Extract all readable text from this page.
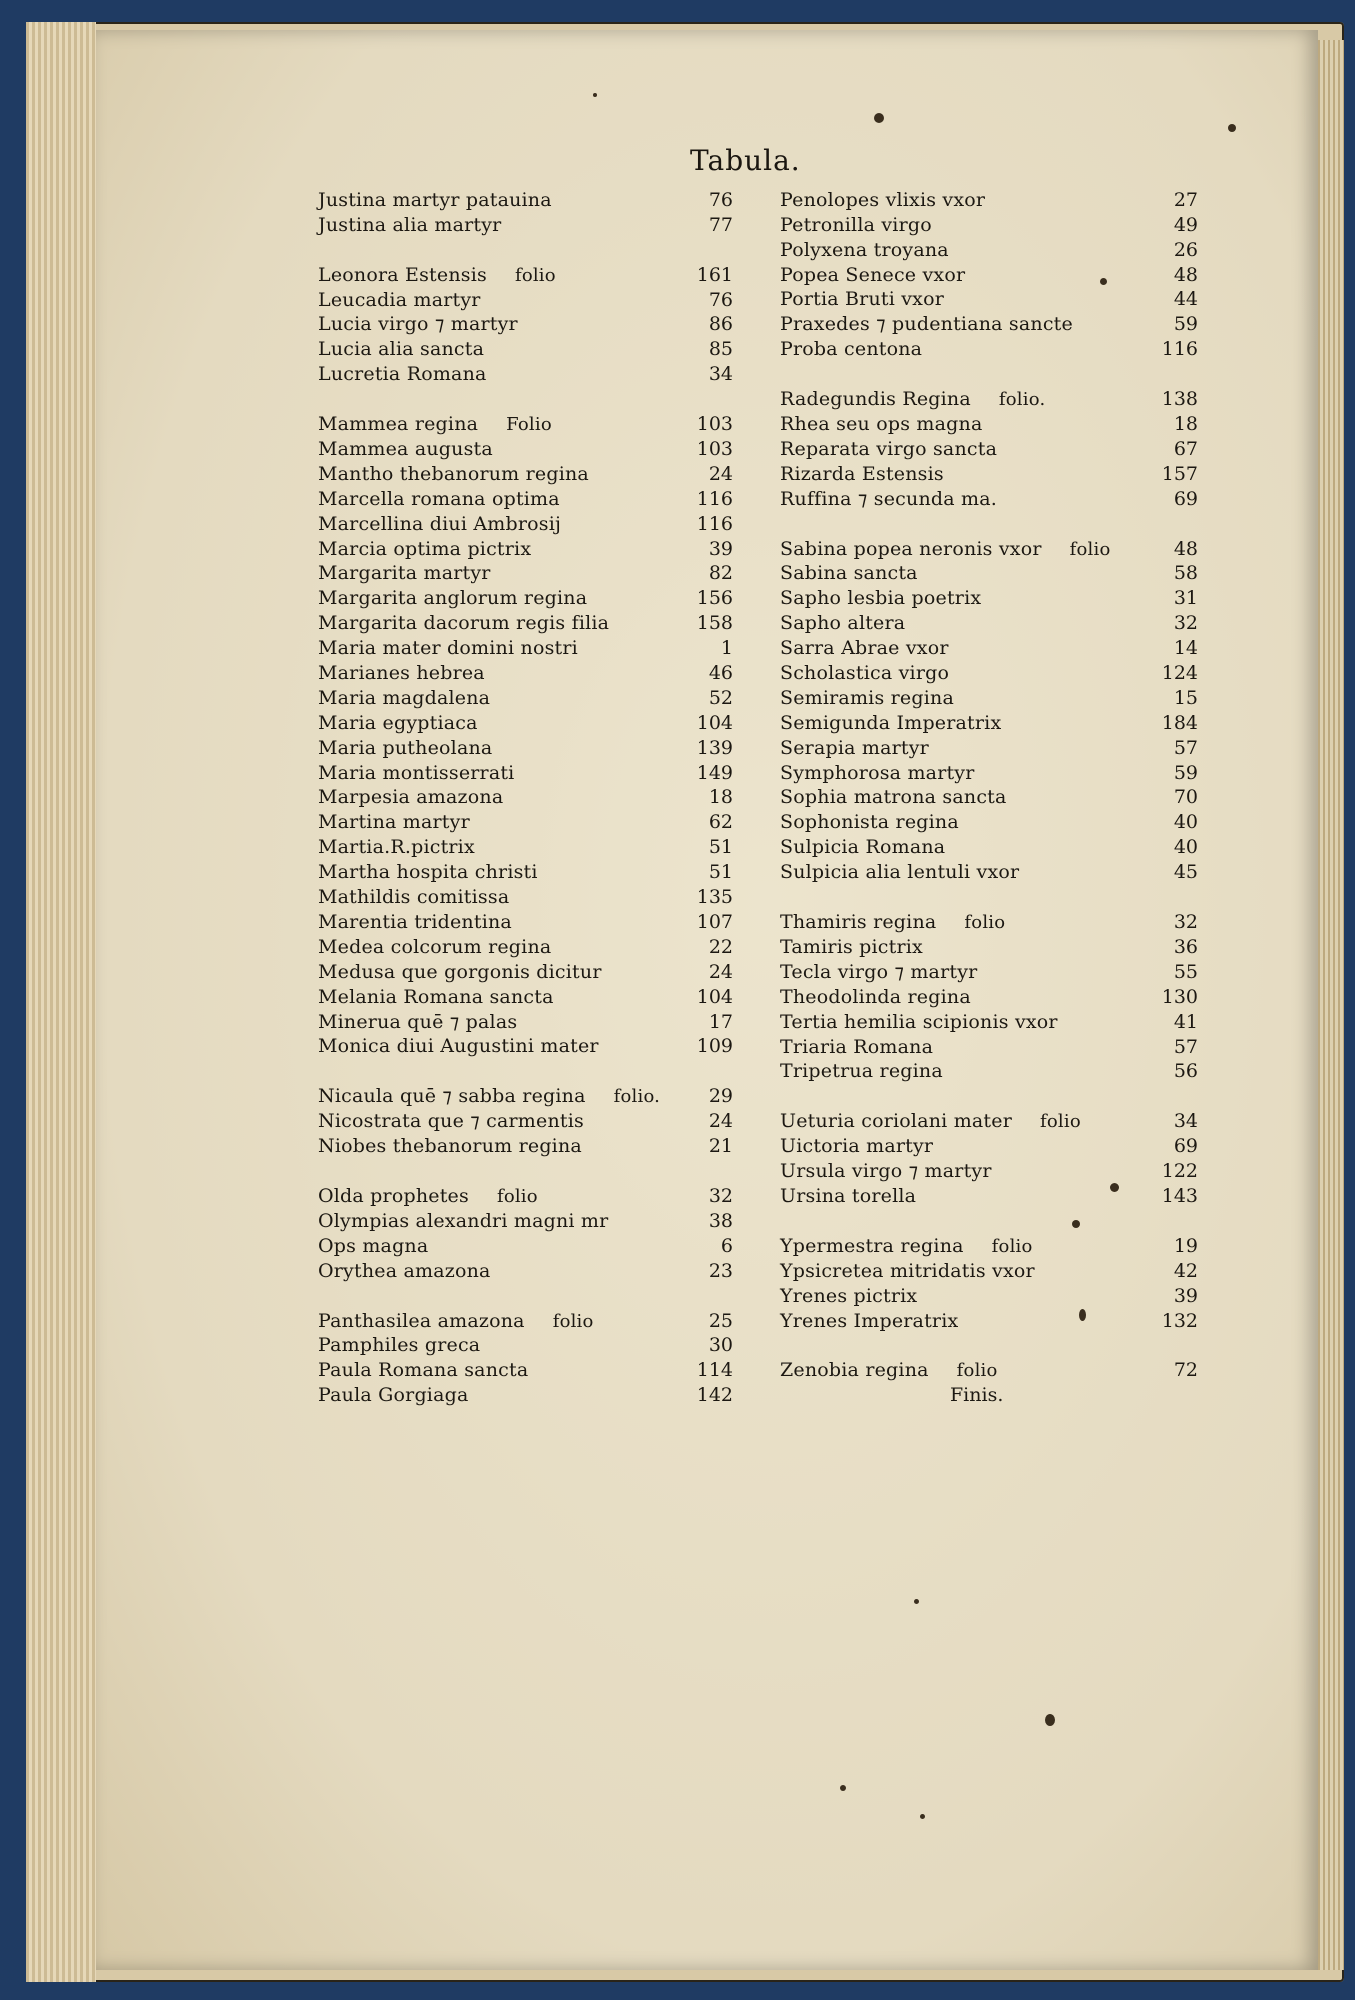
Tabula.
Justina martyr patauina	76
Justina alia martyr	77
Leonora Estensis folio	161
Leucadia martyr	76
Lucia virgo ⁊ martyr	86
Lucia alia sancta	85
Lucretia Romana	34
Mammea regina Folio	103
Mammea augusta	103
Mantho thebanorum regina	24
Marcella romana optima	116
Marcellina diui Ambrosij	116
Marcia optima pictrix	39
Margarita martyr	82
Margarita anglorum regina	156
Margarita dacorum regis filia	158
Maria mater domini nostri	1
Marianes hebrea	46
Maria magdalena	52
Maria egyptiaca	104
Maria putheolana	139
Maria montisserrati	149
Marpesia amazona	18
Martina martyr	62
Martia.R.pictrix	51
Martha hospita christi	51
Mathildis comitissa	135
Marentia tridentina	107
Medea colcorum regina	22
Medusa que gorgonis dicitur	24
Melania Romana sancta	104
Minerua quē ⁊ palas	17
Monica diui Augustini mater	109
Nicaula quē ⁊ sabba regina folio.	29
Nicostrata que ⁊ carmentis	24
Niobes thebanorum regina	21
Olda prophetes folio	32
Olympias alexandri magni mr	38
Ops magna	6
Orythea amazona	23
Panthasilea amazona folio	25
Pamphiles greca	30
Paula Romana sancta	114
Paula Gorgiaga	142
Penolopes vlixis vxor	27
Petronilla virgo	49
Polyxena troyana	26
Popea Senece vxor	48
Portia Bruti vxor	44
Praxedes ⁊ pudentiana sancte	59
Proba centona	116
Radegundis Regina folio.	138
Rhea seu ops magna	18
Reparata virgo sancta	67
Rizarda Estensis	157
Ruffina ⁊ secunda ma.	69
Sabina popea neronis vxor folio	48
Sabina sancta	58
Sapho lesbia poetrix	31
Sapho altera	32
Sarra Abrae vxor	14
Scholastica virgo	124
Semiramis regina	15
Semigunda Imperatrix	184
Serapia martyr	57
Symphorosa martyr	59
Sophia matrona sancta	70
Sophonista regina	40
Sulpicia Romana	40
Sulpicia alia lentuli vxor	45
Thamiris regina folio	32
Tamiris pictrix	36
Tecla virgo ⁊ martyr	55
Theodolinda regina	130
Tertia hemilia scipionis vxor	41
Triaria Romana	57
Tripetrua regina	56
Ueturia coriolani mater folio	34
Uictoria martyr	69
Ursula virgo ⁊ martyr	122
Ursina torella	143
Ypermestra regina folio	19
Ypsicretea mitridatis vxor	42
Yrenes pictrix	39
Yrenes Imperatrix	132
Zenobia regina folio	72
Finis.
